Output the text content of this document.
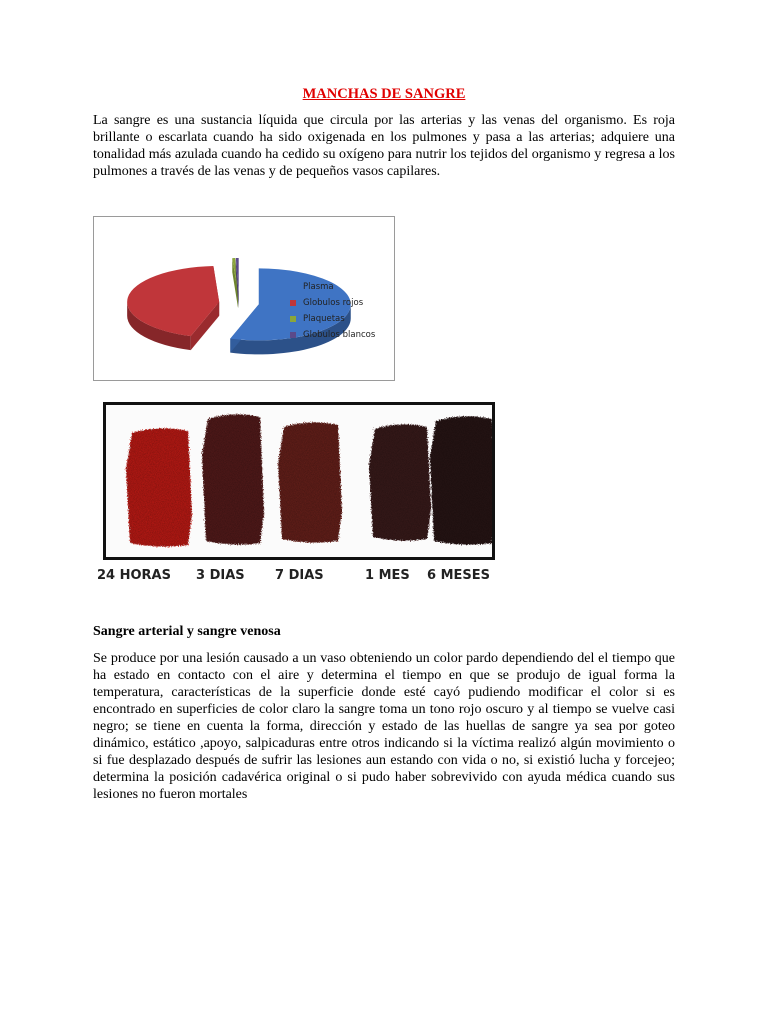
MANCHAS DE SANGRE
La sangre es una sustancia líquida que circula por las arterias y las venas del organismo. Es roja brillante o escarlata cuando ha sido oxigenada en los pulmones y pasa a las arterias; adquiere una tonalidad más azulada cuando ha cedido su oxígeno para nutrir los tejidos del organismo y regresa a los pulmones a través de las venas y de pequeños vasos capilares.
Plasma
Globulos rojos
Plaquetas
Globulos blancos
24 HORAS 3 DIAS 7 DIAS	1 MES 6 MESES
Sangre arterial y sangre venosa
Se produce por una lesión causado a un vaso obteniendo un color pardo dependiendo del el tiempo que ha estado en contacto con el aire y determina el tiempo en que se produjo de igual forma la temperatura, características de la superficie donde esté cayó pudiendo modificar el color si es encontrado en superficies de color claro la sangre toma un tono rojo oscuro y al tiempo se vuelve casi negro; se tiene en cuenta la forma, dirección y estado de las huellas de sangre ya sea por goteo dinámico, estático ,apoyo, salpicaduras entre otros indicando si la víctima realizó algún movimiento o si fue desplazado después de sufrir las lesiones aun estando con vida o no, si existió lucha y forcejeo; determina la posición cadavérica original o si pudo haber sobrevivido con ayuda médica cuando sus lesiones no fueron mortales
